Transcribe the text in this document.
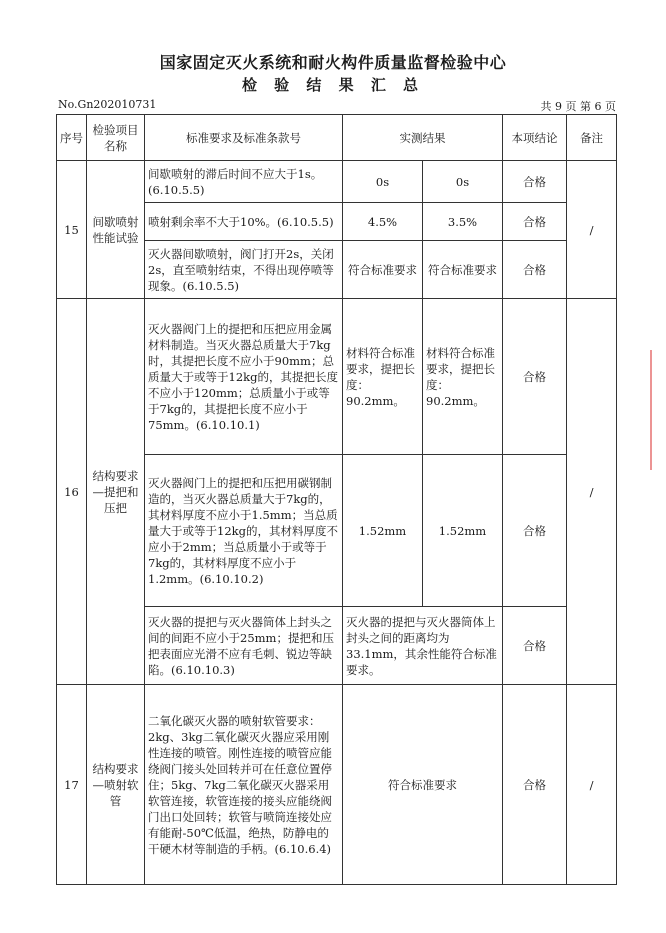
国家固定灭火系统和耐火构件质量监督检验中心
检 验 结 果 汇 总
No.Gn202010731	共 9 页 第 6 页
序号	检验项目名称	标准要求及标准条款号	实测结果		本项结论	备注
15	间歇喷射性能试验	间歇喷射的滞后时间不应大于1s。(6.10.5.5)	0s	0s	合格	/
		喷射剩余率不大于10%。(6.10.5.5)	4.5%	3.5%	合格	
		灭火器间歇喷射，阀门打开2s，关闭2s，直至喷射结束，不得出现停喷等现象。(6.10.5.5)	符合标准要求	符合标准要求	合格	
16	结构要求—提把和压把	灭火器阀门上的提把和压把应用金属材料制造。当灭火器总质量大于7kg时，其提把长度不应小于90mm；总质量大于或等于12kg的，其提把长度不应小于120mm；总质量小于或等于7kg的，其提把长度不应小于75mm。(6.10.10.1)	材料符合标准要求，提把长度：90.2mm。	材料符合标准要求，提把长度：90.2mm。	合格	/
		灭火器阀门上的提把和压把用碳钢制造的，当灭火器总质量大于7kg的，其材料厚度不应小于1.5mm；当总质量大于或等于12kg的，其材料厚度不应小于2mm；当总质量小于或等于7kg的，其材料厚度不应小于1.2mm。(6.10.10.2)	1.52mm	1.52mm	合格	
		灭火器的提把与灭火器筒体上封头之间的间距不应小于25mm；提把和压把表面应光滑不应有毛刺、锐边等缺陷。(6.10.10.3)	灭火器的提把与灭火器筒体上封头之间的距离均为33.1mm，其余性能符合标准要求。		合格	
17	结构要求—喷射软管	二氧化碳灭火器的喷射软管要求：2kg、3kg二氧化碳灭火器应采用刚性连接的喷管。刚性连接的喷管应能绕阀门接头处回转并可在任意位置停住；5kg、7kg二氧化碳灭火器采用软管连接，软管连接的接头应能绕阀门出口处回转；软管与喷筒连接处应有能耐-50℃低温，绝热，防静电的干硬木材等制造的手柄。(6.10.6.4)	符合标准要求		合格	/
